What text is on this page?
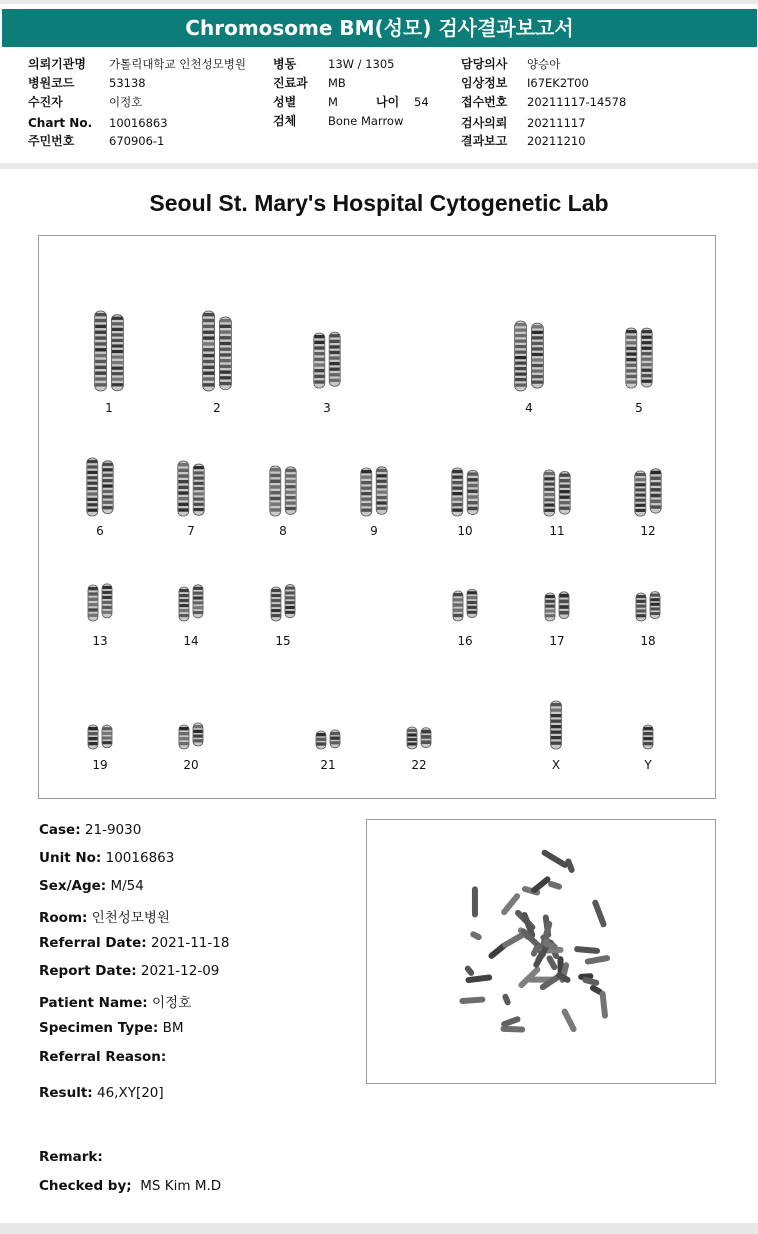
Chromosome BM(성모) 검사결과보고서
의뢰기관명 가톨릭대학교 인천성모병원
병원코드	53138
수진자	이정호
Chart No. 10016863
주민번호	670906-1
병동	13W / 1305
진료과 MB
성별	M	나이 54
검체	Bone Marrow
담당의사 양승아
임상정보 I67EK2T00
접수번호 20211117-14578
검사의뢰 20211117
결과보고 20211210
Seoul St. Mary's Hospital Cytogenetic Lab
1	2	3	4	5
6	7	8	9	10	11	12
13	14	15	16	17	18
19	20	21	22	X	Y
Case: 21-9030
Unit No: 10016863
Sex/Age: M/54
Room: 인천성모병원
Referral Date: 2021-11-18
Report Date: 2021-12-09
Patient Name: 이정호
Specimen Type: BM
Referral Reason:
Result: 46,XY[20]
Remark:
Checked by; MS Kim M.D
